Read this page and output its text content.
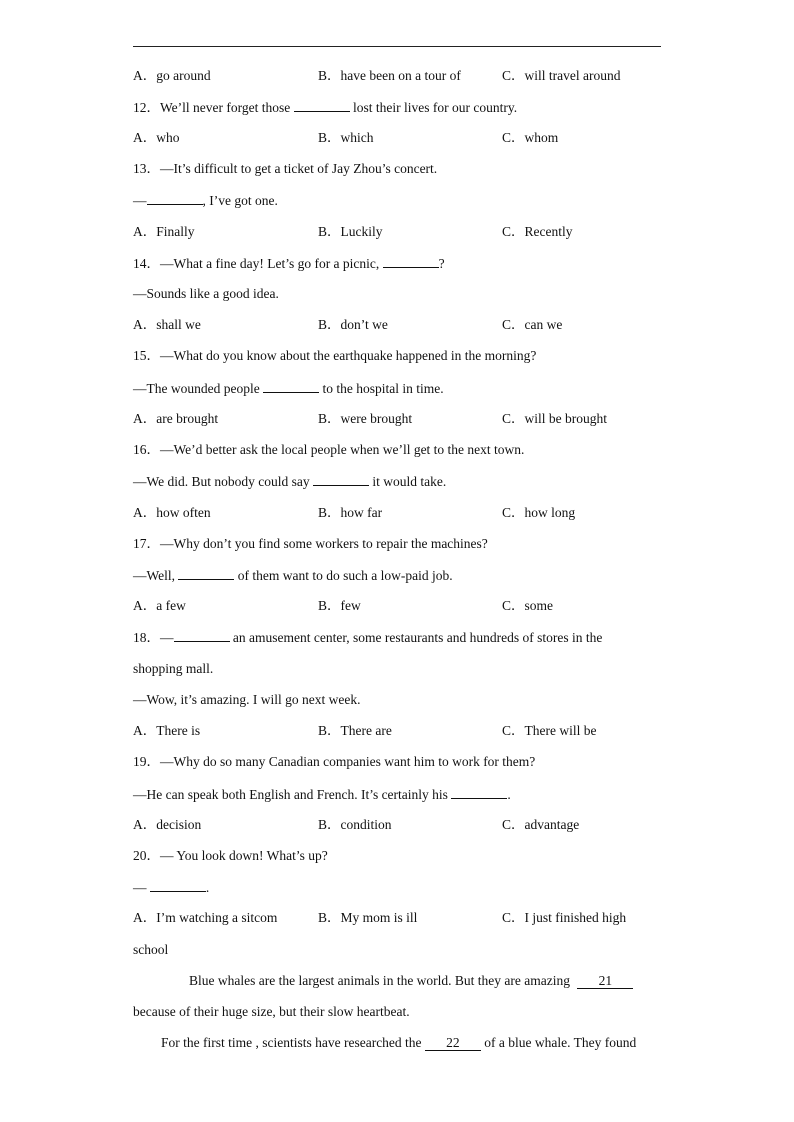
A．go around	B．have been on a tour of	C．will travel around
12．We’ll never forget those	lost their lives for our country.
A．who	B．which	C．whom
13．—It’s difficult to get a ticket of Jay Zhou’s concert.
—	, I’ve got one.
A．Finally	B．Luckily	C．Recently
14．—What a fine day! Let’s go for a picnic,	?
—Sounds like a good idea.
A．shall we	B．don’t we	C．can we
15．—What do you know about the earthquake happened in the morning?
—The wounded people	to the hospital in time.
A．are brought	B．were brought	C．will be brought
16．—We’d better ask the local people when we’ll get to the next town.
—We did. But nobody could say	it would take.
A．how often	B．how far	C．how long
17．—Why don’t you find some workers to repair the machines?
—Well,	of them want to do such a low-paid job.
A．a few	B．few	C．some
18．—	an amusement center, some restaurants and hundreds of stores in the
shopping mall.
—Wow, it’s amazing. I will go next week.
A．There is	B．There are	C．There will be
19．—Why do so many Canadian companies want him to work for them?
—He can speak both English and French. It’s certainly his	.
A．decision	B．condition	C．advantage
20．— You look down! What’s up?
—	.
A．I’m watching a sitcom	B．My mom is ill	C．I just finished high
school
Blue whales are the largest animals in the world. But they are amazing 21
because of their huge size, but their slow heartbeat.
For the first time , scientists have researched the 22 of a blue whale. They found
